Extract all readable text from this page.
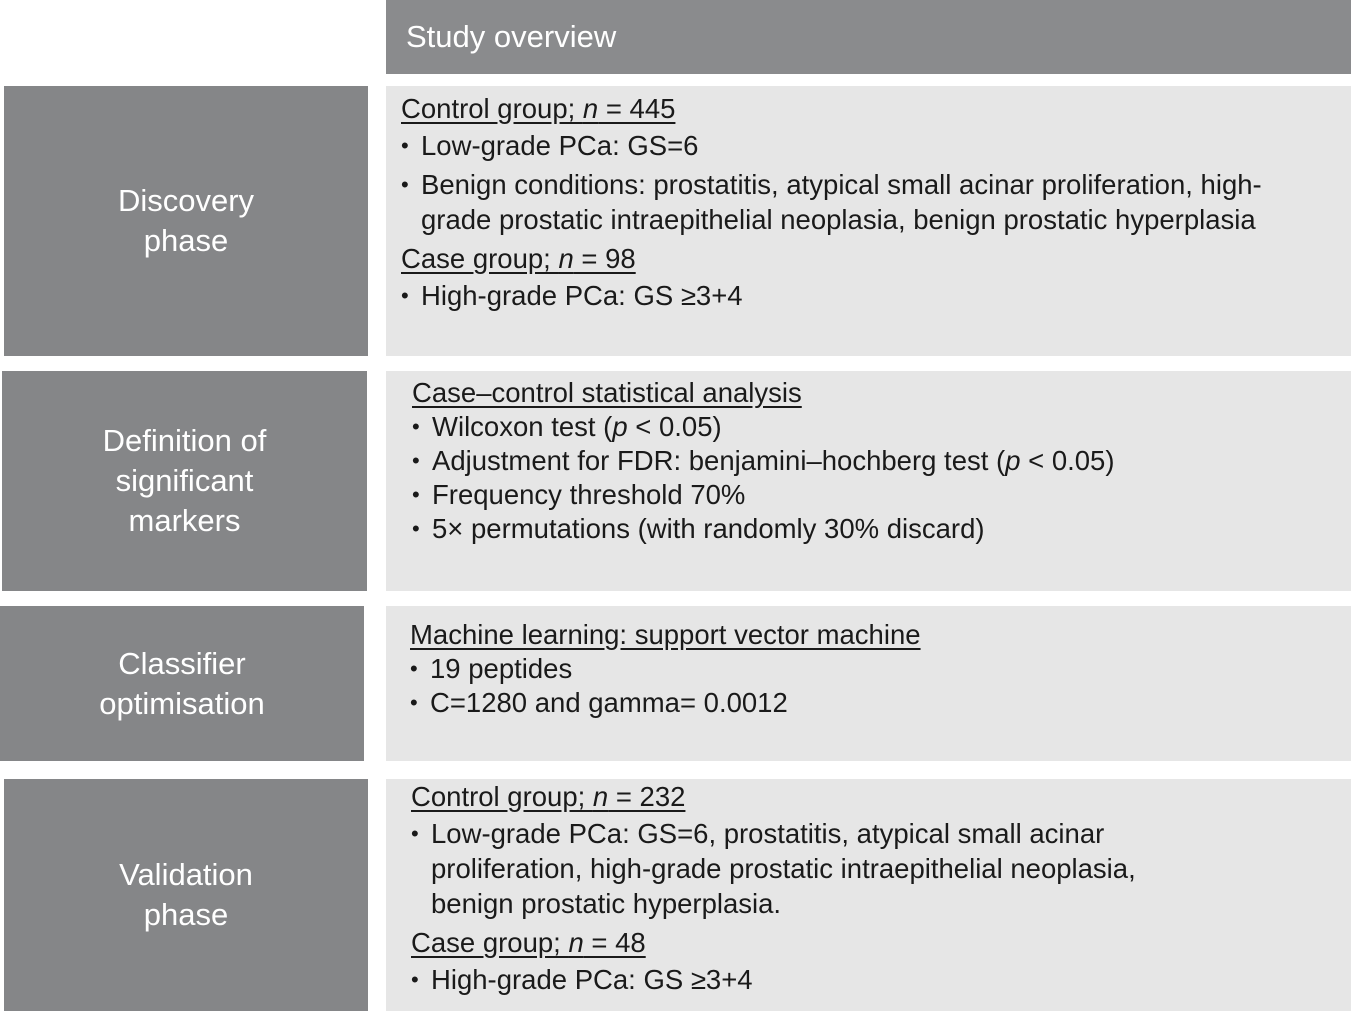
Study overview
Discovery
phase
Definition of
significant
markers
Classifier
optimisation
Validation
phase
Control group; n = 445
• Low-grade PCa: GS=6
• Benign conditions: prostatitis, atypical small acinar proliferation, high-grade prostatic intraepithelial neoplasia, benign prostatic hyperplasia
Case group; n = 98
• High-grade PCa: GS ≥3+4
Case–control statistical analysis
• Wilcoxon test (p < 0.05)
• Adjustment for FDR: benjamini–hochberg test (p < 0.05)
• Frequency threshold 70%
• 5× permutations (with randomly 30% discard)
Machine learning: support vector machine
• 19 peptides
• C=1280 and gamma= 0.0012
Control group; n = 232
• Low-grade PCa: GS=6, prostatitis, atypical small acinar proliferation, high-grade prostatic intraepithelial neoplasia, benign prostatic hyperplasia.
Case group; n = 48
• High-grade PCa: GS ≥3+4
